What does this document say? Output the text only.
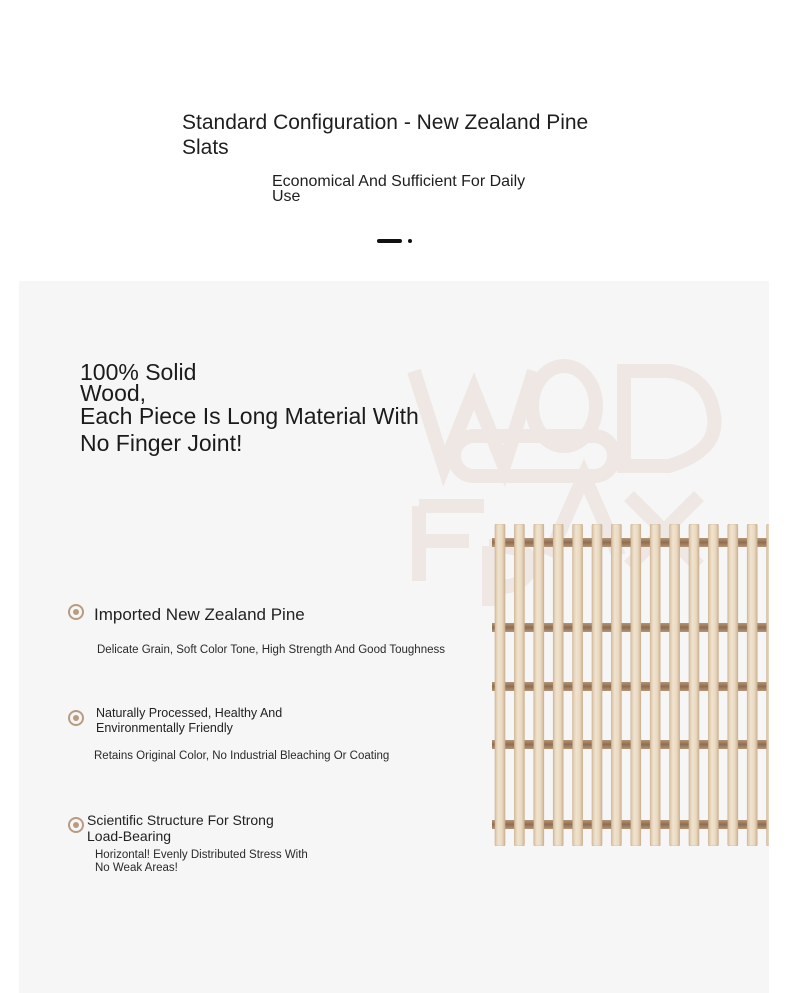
Standard Configuration - New Zealand Pine Slats

Economical And Sufficient For Daily Use

100% Solid
Wood,
Each Piece Is Long Material With
No Finger Joint!

Imported New Zealand Pine

Delicate Grain, Soft Color Tone, High Strength And Good Toughness

Naturally Processed, Healthy And
Environmentally Friendly

Retains Original Color, No Industrial Bleaching Or Coating

Scientific Structure For Strong
Load-Bearing

Horizontal! Evenly Distributed Stress With
No Weak Areas!
